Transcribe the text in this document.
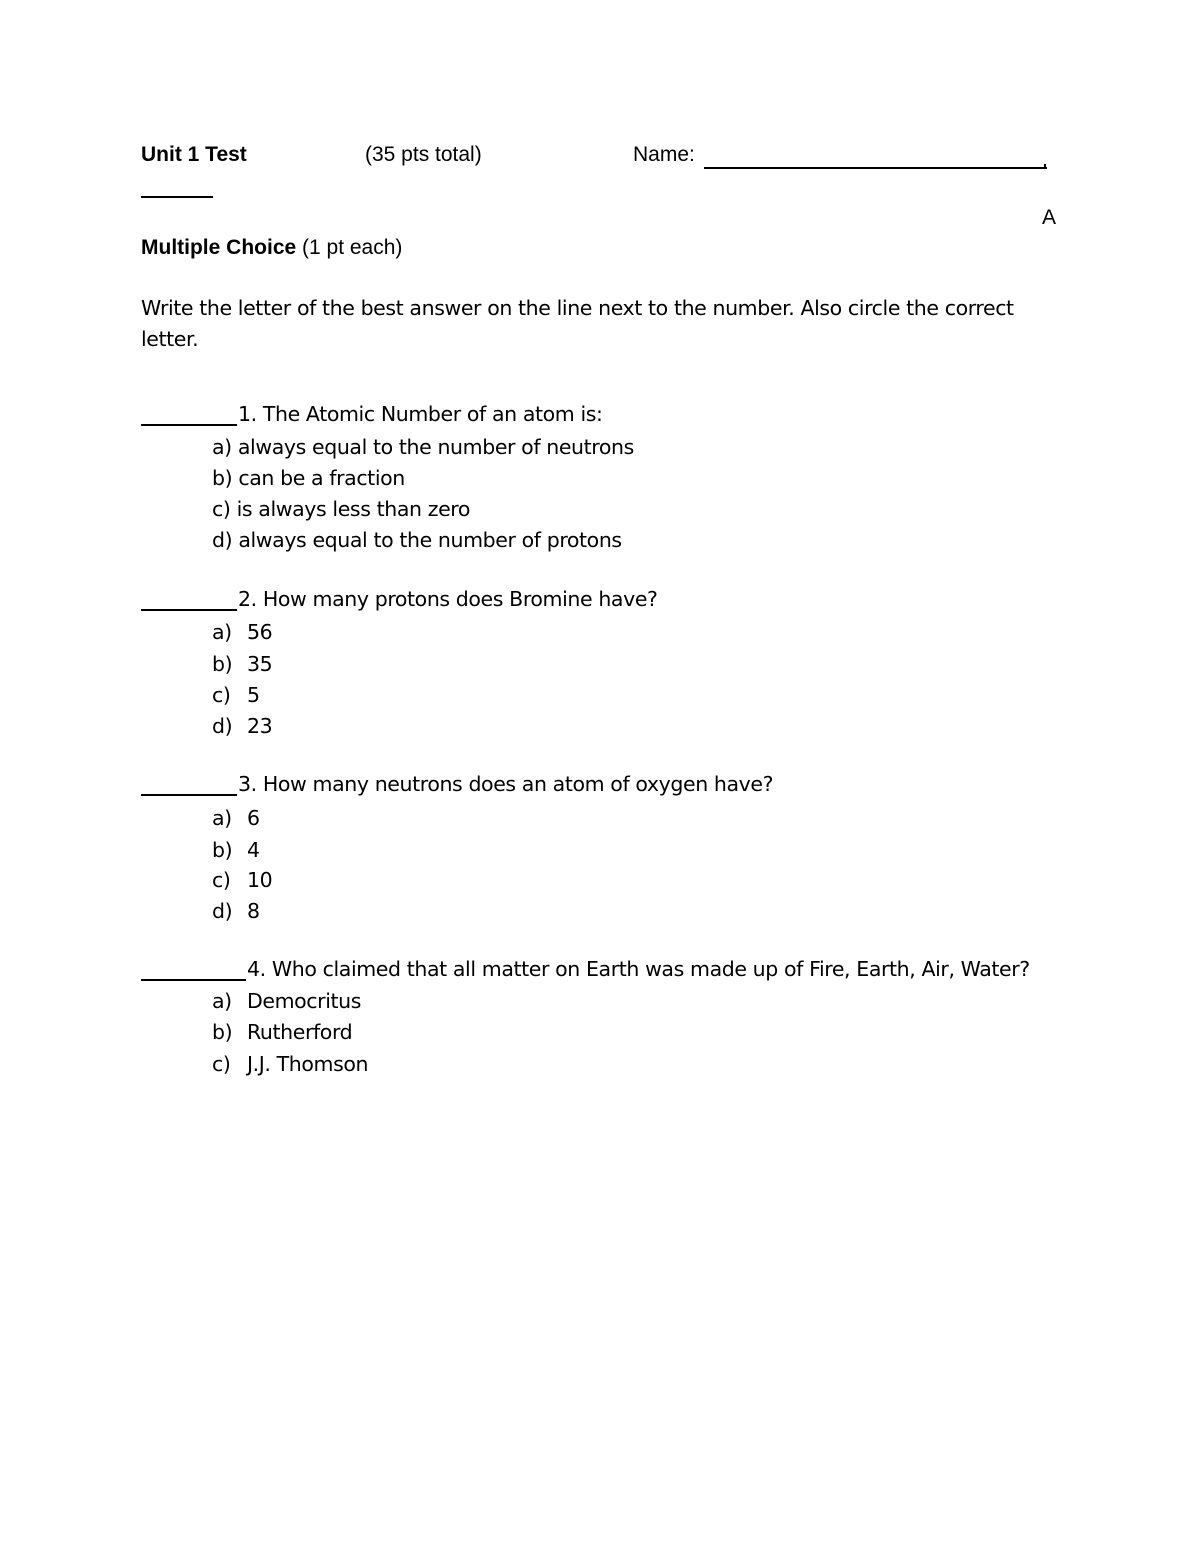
Unit 1 Test	(35 pts total)	Name:
A
Multiple Choice (1 pt each)
Write the letter of the best answer on the line next to the number. Also circle the correct
letter.
1. The Atomic Number of an atom is:
a) always equal to the number of neutrons
b) can be a fraction
c) is always less than zero
d) always equal to the number of protons
2. How many protons does Bromine have?
a) 56
b) 35
c) 5
d) 23
3. How many neutrons does an atom of oxygen have?
a) 6
b) 4
c) 10
d) 8
4. Who claimed that all matter on Earth was made up of Fire, Earth, Air, Water?
a) Democritus
b) Rutherford
c) J.J. Thomson
